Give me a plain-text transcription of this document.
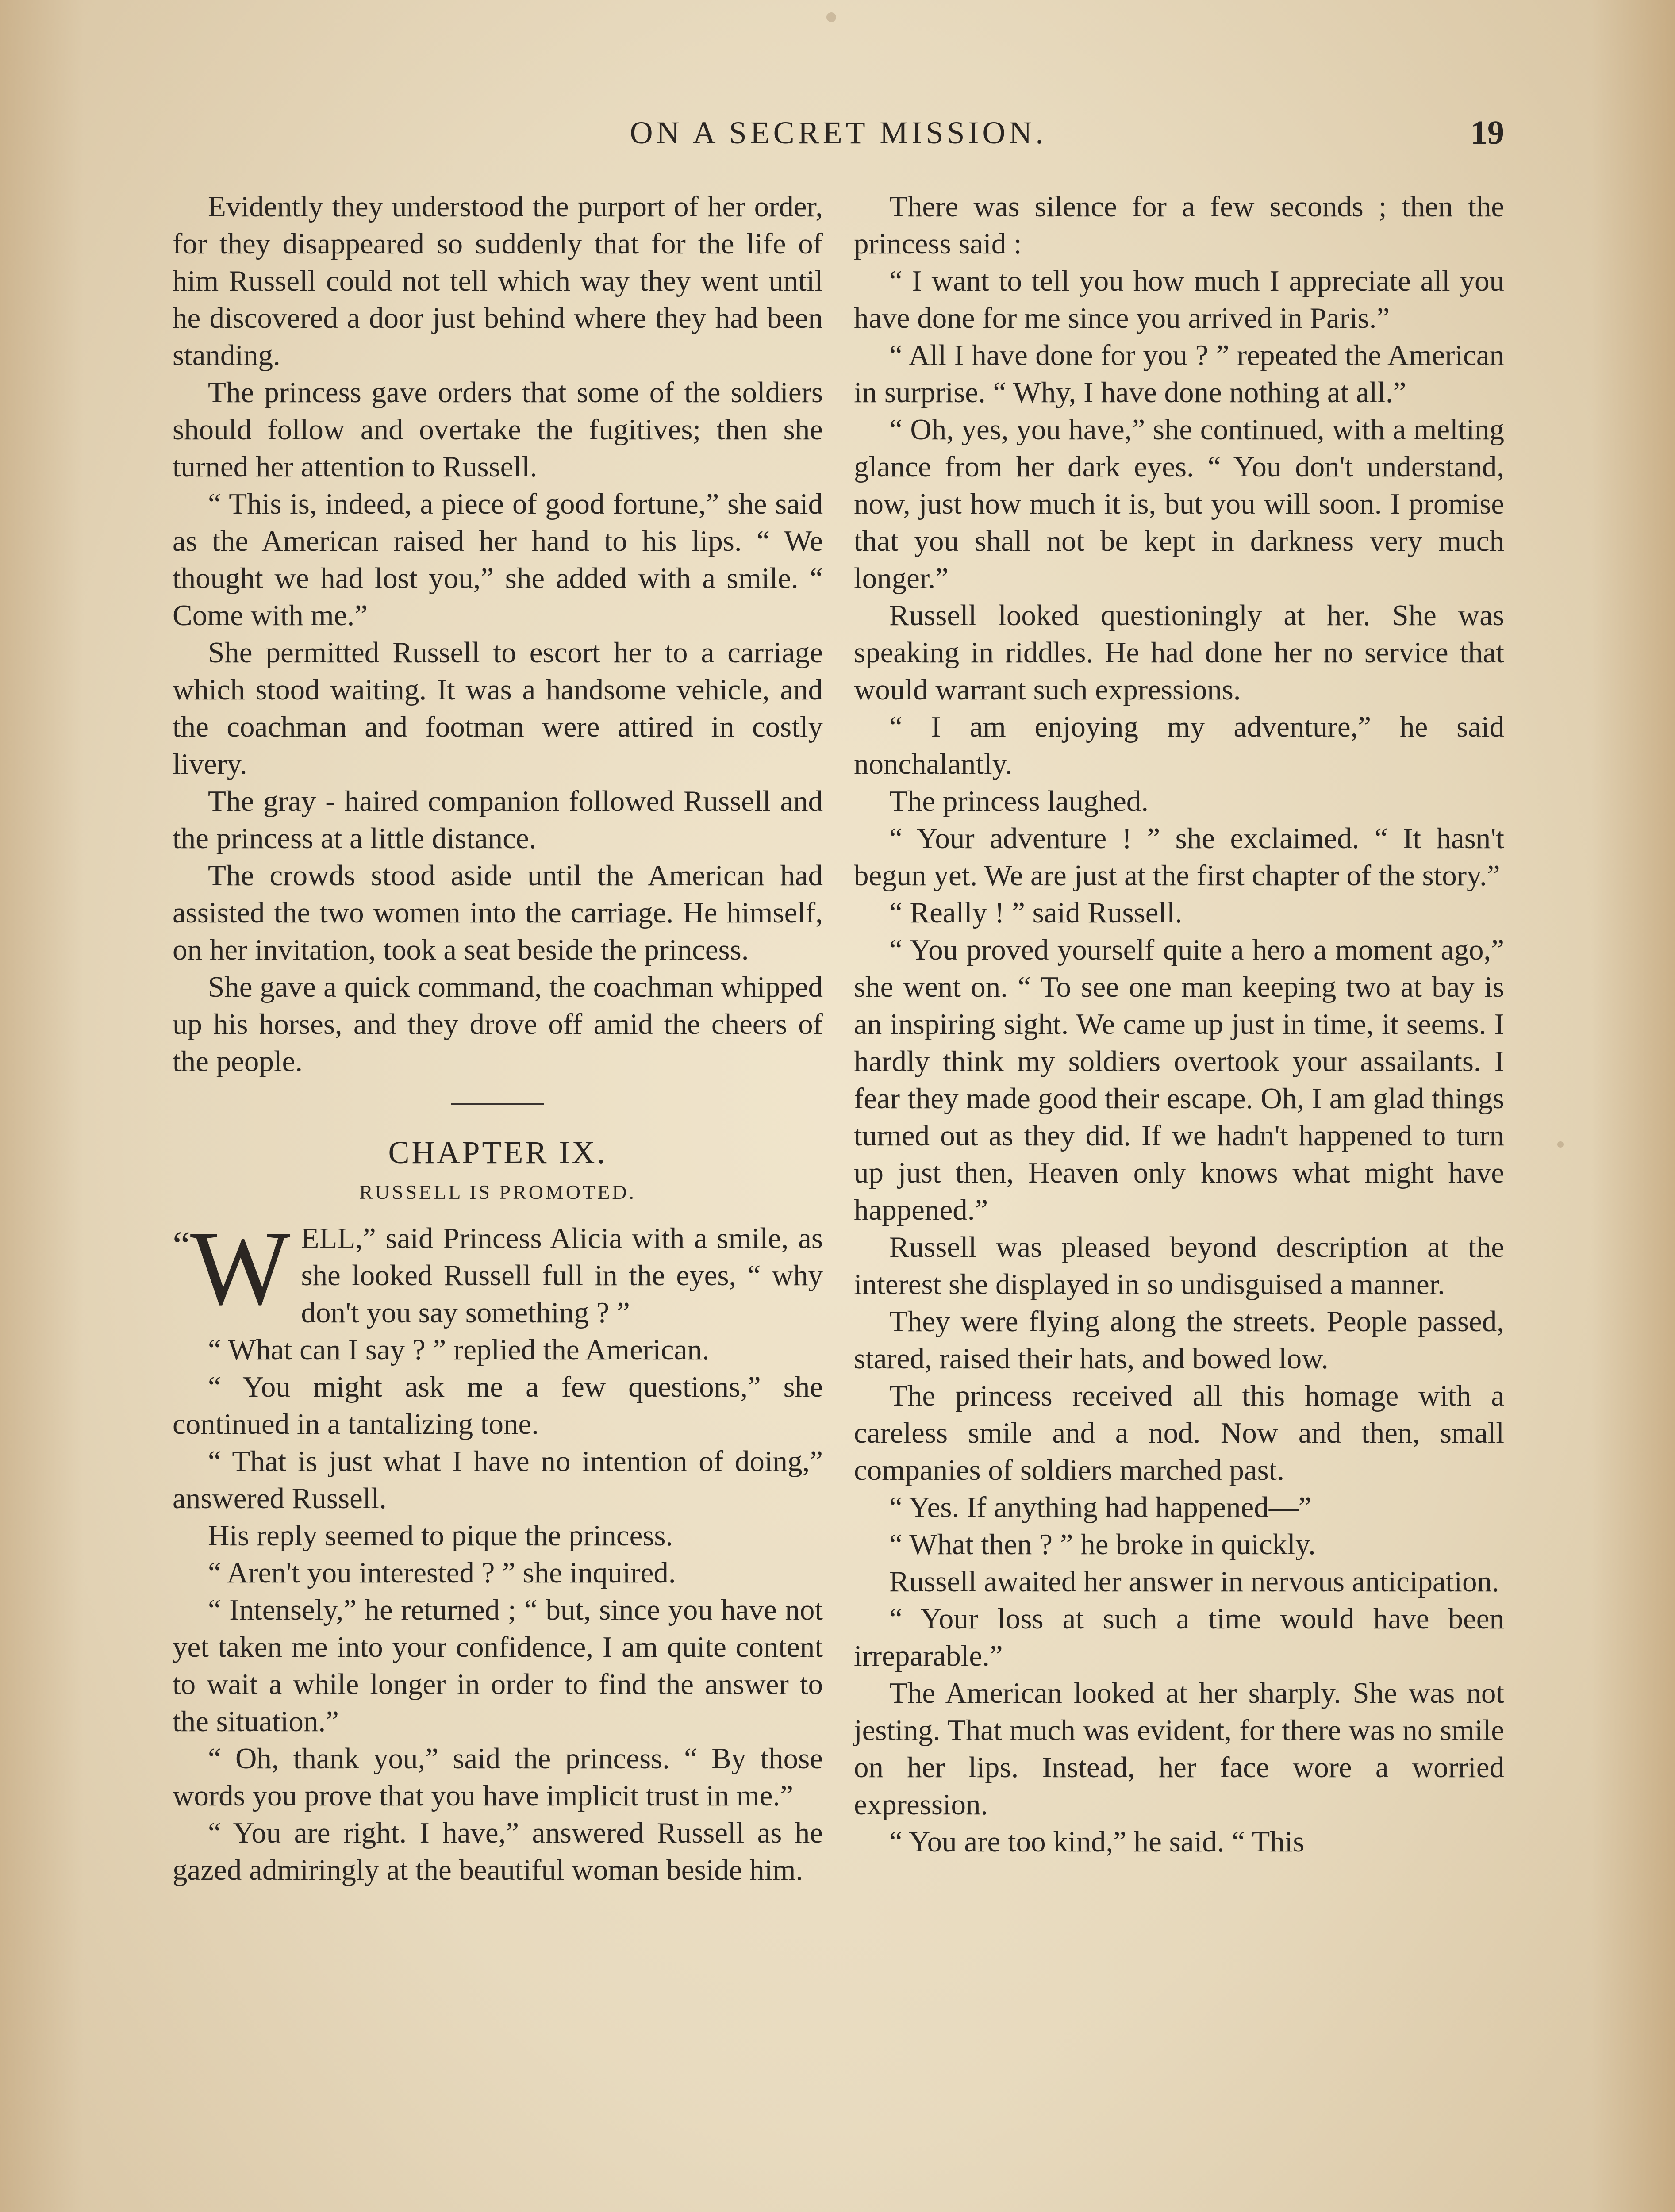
ON A SECRET MISSION.	19

Evidently they understood the purport of her order, for they disappeared so suddenly that for the life of him Russell could not tell which way they went until he discovered a door just behind where they had been standing.

The princess gave orders that some of the soldiers should follow and overtake the fugitives; then she turned her attention to Russell.

“ This is, indeed, a piece of good fortune,” she said as the American raised her hand to his lips. “ We thought we had lost you,” she added with a smile. “ Come with me.”

She permitted Russell to escort her to a carriage which stood waiting. It was a handsome vehicle, and the coachman and footman were attired in costly livery.

The gray - haired companion followed Russell and the princess at a little distance.

The crowds stood aside until the American had assisted the two women into the carriage. He himself, on her invitation, took a seat beside the princess.

She gave a quick command, the coachman whipped up his horses, and they drove off amid the cheers of the people.

CHAPTER IX.
RUSSELL IS PROMOTED.

“W ELL,” said Princess Alicia with a smile, as she looked Russell full in the eyes, “ why don't you say something ? ”

“ What can I say ? ” replied the American.

“ You might ask me a few questions,” she continued in a tantalizing tone.

“ That is just what I have no intention of doing,” answered Russell.

His reply seemed to pique the princess.

“ Aren't you interested ? ” she inquired.

“ Intensely,” he returned ; “ but, since you have not yet taken me into your confidence, I am quite content to wait a while longer in order to find the answer to the situation.”

“ Oh, thank you,” said the princess. “ By those words you prove that you have implicit trust in me.”

“ You are right. I have,” answered Russell as he gazed admiringly at the beautiful woman beside him.

There was silence for a few seconds ; then the princess said :

“ I want to tell you how much I appreciate all you have done for me since you arrived in Paris.”

“ All I have done for you ? ” repeated the American in surprise. “ Why, I have done nothing at all.”

“ Oh, yes, you have,” she continued, with a melting glance from her dark eyes. “ You don't understand, now, just how much it is, but you will soon. I promise that you shall not be kept in darkness very much longer.”

Russell looked questioningly at her. She was speaking in riddles. He had done her no service that would warrant such expressions.

“ I am enjoying my adventure,” he said nonchalantly.

The princess laughed.

“ Your adventure ! ” she exclaimed. “ It hasn't begun yet. We are just at the first chapter of the story.”

“ Really ! ” said Russell.

“ You proved yourself quite a hero a moment ago,” she went on. “ To see one man keeping two at bay is an inspiring sight. We came up just in time, it seems. I hardly think my soldiers overtook your assailants. I fear they made good their escape. Oh, I am glad things turned out as they did. If we hadn't happened to turn up just then, Heaven only knows what might have happened.”

Russell was pleased beyond description at the interest she displayed in so undisguised a manner.

They were flying along the streets. People passed, stared, raised their hats, and bowed low.

The princess received all this homage with a careless smile and a nod. Now and then, small companies of soldiers marched past.

“ Yes. If anything had happened—”

“ What then ? ” he broke in quickly.

Russell awaited her answer in nervous anticipation.

“ Your loss at such a time would have been irreparable.”

The American looked at her sharply. She was not jesting. That much was evident, for there was no smile on her lips. Instead, her face wore a worried expression.

“ You are too kind,” he said. “ This
